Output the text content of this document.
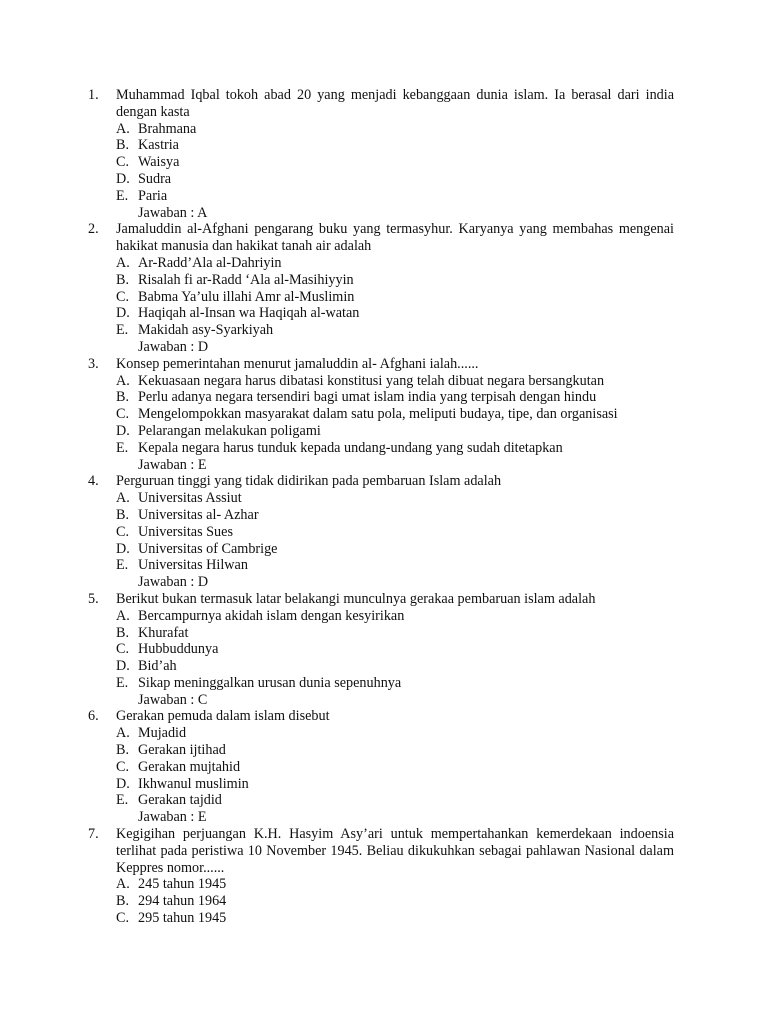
1.	Muhammad Iqbal tokoh abad 20 yang menjadi kebanggaan dunia islam. Ia berasal dari india dengan kasta
A. Brahmana
B. Kastria
C. Waisya
D. Sudra
E. Paria
Jawaban : A
2.	Jamaluddin al-Afghani pengarang buku yang termasyhur. Karyanya yang membahas mengenai hakikat manusia dan hakikat tanah air adalah
A. Ar-Radd’Ala al-Dahriyin
B. Risalah fi ar-Radd ‘Ala al-Masihiyyin
C. Babma Ya’ulu illahi Amr al-Muslimin
D. Haqiqah al-Insan wa Haqiqah al-watan
E. Makidah asy-Syarkiyah
Jawaban : D
3.	Konsep pemerintahan menurut jamaluddin al- Afghani ialah......
A. Kekuasaan negara harus dibatasi konstitusi yang telah dibuat negara bersangkutan
B. Perlu adanya negara tersendiri bagi umat islam india yang terpisah dengan hindu
C. Mengelompokkan masyarakat dalam satu pola, meliputi budaya, tipe, dan organisasi
D. Pelarangan melakukan poligami
E. Kepala negara harus tunduk kepada undang-undang yang sudah ditetapkan
Jawaban : E
4.	Perguruan tinggi yang tidak didirikan pada pembaruan Islam adalah
A. Universitas Assiut
B. Universitas al- Azhar
C. Universitas Sues
D. Universitas of Cambrige
E. Universitas Hilwan
Jawaban : D
5.	Berikut bukan termasuk latar belakangi munculnya gerakaa pembaruan islam adalah
A. Bercampurnya akidah islam dengan kesyirikan
B. Khurafat
C. Hubbuddunya
D. Bid’ah
E. Sikap meninggalkan urusan dunia sepenuhnya
Jawaban : C
6.	Gerakan pemuda dalam islam disebut
A. Mujadid
B. Gerakan ijtihad
C. Gerakan mujtahid
D. Ikhwanul muslimin
E. Gerakan tajdid
Jawaban : E
7.	Kegigihan perjuangan K.H. Hasyim Asy’ari untuk mempertahankan kemerdekaan indoensia terlihat pada peristiwa 10 November 1945. Beliau dikukuhkan sebagai pahlawan Nasional dalam Keppres nomor......
A. 245 tahun 1945
B. 294 tahun 1964
C. 295 tahun 1945
